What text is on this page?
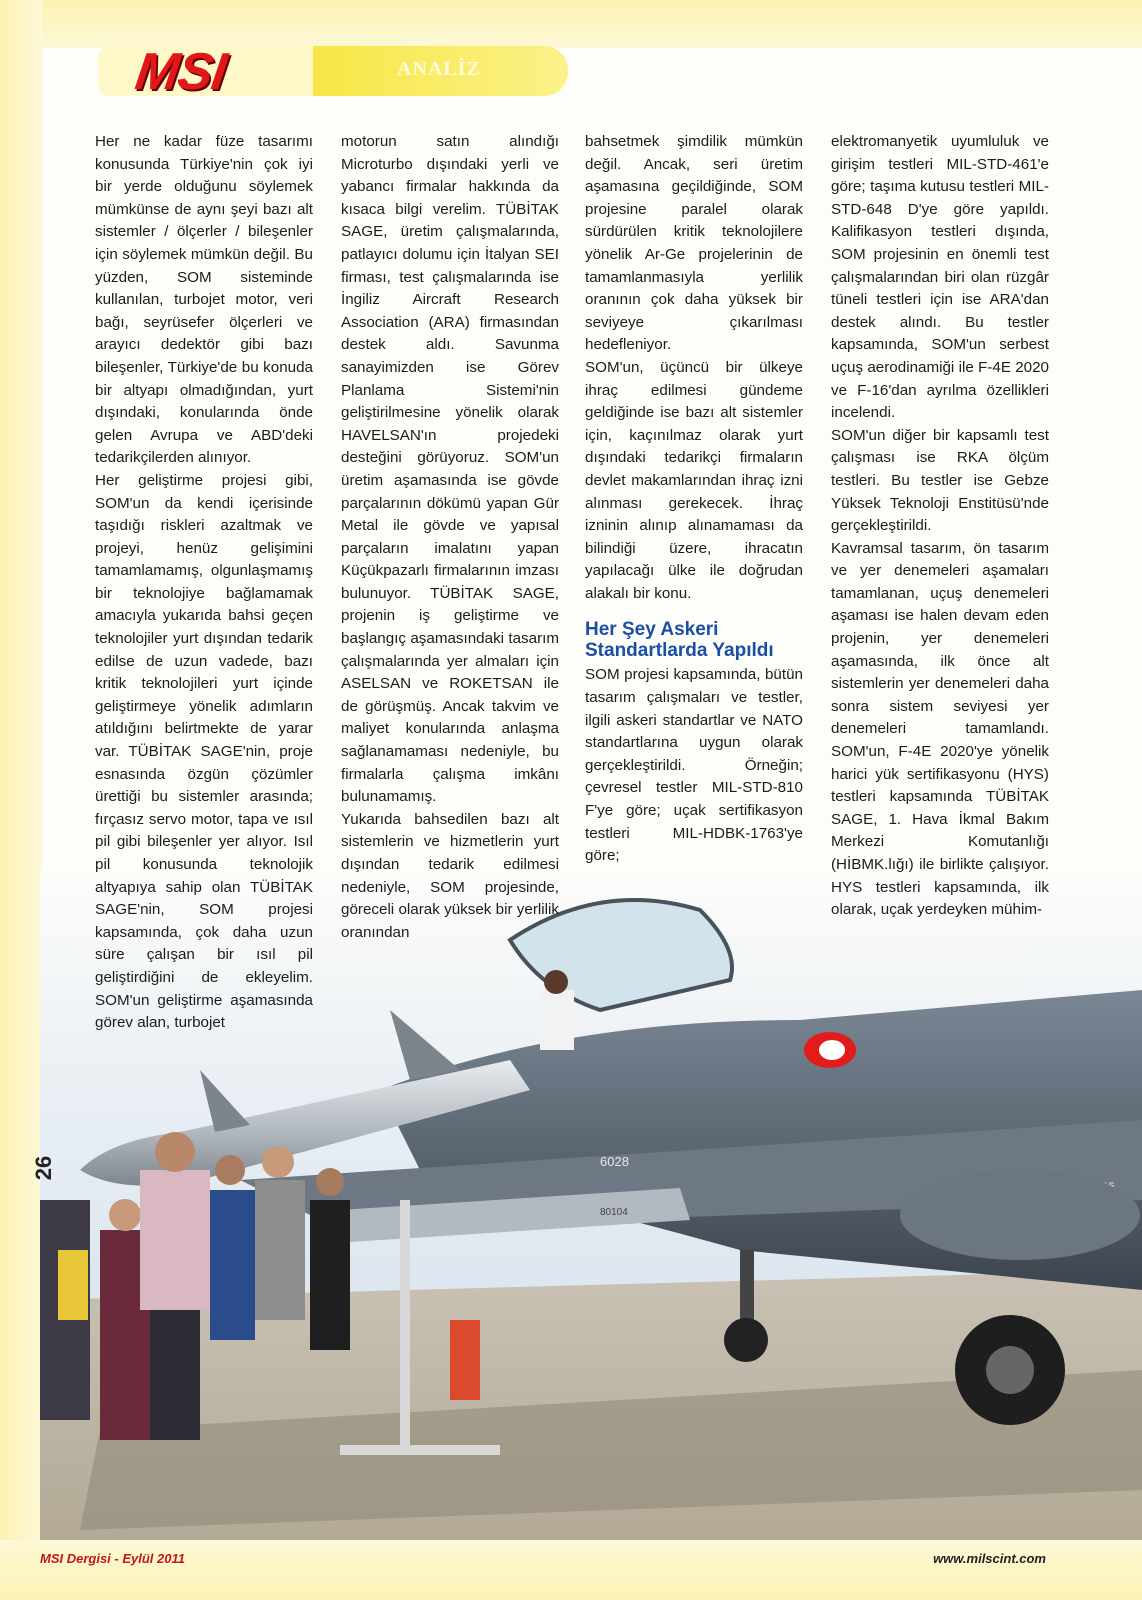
6028
80104
MSI	ANALİZ

Her ne kadar füze tasarımı konusunda Türkiye'nin çok iyi bir yerde olduğunu söylemek mümkünse de aynı şeyi bazı alt sistemler / ölçerler / bileşenler için söylemek mümkün değil. Bu yüzden, SOM sisteminde kullanılan, turbojet motor, veri bağı, seyrüsefer ölçerleri ve arayıcı dedektör gibi bazı bileşenler, Türkiye'de bu konuda bir altyapı olmadığından, yurt dışındaki, konularında önde gelen Avrupa ve ABD'deki tedarikçilerden alınıyor.

Her geliştirme projesi gibi, SOM'un da kendi içerisinde taşıdığı riskleri azaltmak ve projeyi, henüz gelişimini tamamlamamış, olgunlaşmamış bir teknolojiye bağlamamak amacıyla yukarıda bahsi geçen teknolojiler yurt dışından tedarik edilse de uzun vadede, bazı kritik teknolojileri yurt içinde geliştirmeye yönelik adımların atıldığını belirtmekte de yarar var. TÜBİTAK SAGE'nin, proje esnasında özgün çözümler ürettiği bu sistemler arasında; fırçasız servo motor, tapa ve ısıl pil gibi bileşenler yer alıyor. Isıl pil konusunda teknolojik altyapıya sahip olan TÜBİTAK SAGE'nin, SOM projesi kapsamında, çok daha uzun süre çalışan bir ısıl pil geliştirdiğini de ekleyelim. SOM'un geliştirme aşamasında görev alan, turbojet

motorun satın alındığı Microturbo dışındaki yerli ve yabancı firmalar hakkında da kısaca bilgi verelim. TÜBİTAK SAGE, üretim çalışmalarında, patlayıcı dolumu için İtalyan SEI firması, test çalışmalarında ise İngiliz Aircraft Research Association (ARA) firmasından destek aldı. Savunma sanayimizden ise Görev Planlama Sistemi'nin geliştirilmesine yönelik olarak HAVELSAN'ın projedeki desteğini görüyoruz. SOM'un üretim aşamasında ise gövde parçalarının dökümü yapan Gür Metal ile gövde ve yapısal parçaların imalatını yapan Küçükpazarlı firmalarının imzası bulunuyor. TÜBİTAK SAGE, projenin iş geliştirme ve başlangıç aşamasındaki tasarım çalışmalarında yer almaları için ASELSAN ve ROKETSAN ile de görüşmüş. Ancak takvim ve maliyet konularında anlaşma sağlanamaması nedeniyle, bu firmalarla çalışma imkânı bulunamamış.

Yukarıda bahsedilen bazı alt sistemlerin ve hizmetlerin yurt dışından tedarik edilmesi nedeniyle, SOM projesinde, göreceli olarak yüksek bir yerlilik oranından

bahsetmek şimdilik mümkün değil. Ancak, seri üretim aşamasına geçildiğinde, SOM projesine paralel olarak sürdürülen kritik teknolojilere yönelik Ar-Ge projelerinin de tamamlanmasıyla yerlilik oranının çok daha yüksek bir seviyeye çıkarılması hedefleniyor.

SOM'un, üçüncü bir ülkeye ihraç edilmesi gündeme geldiğinde ise bazı alt sistemler için, kaçınılmaz olarak yurt dışındaki tedarikçi firmaların devlet makamlarından ihraç izni alınması gerekecek. İhraç izninin alınıp alınamaması da bilindiği üzere, ihracatın yapılacağı ülke ile doğrudan alakalı bir konu.

Her Şey Askeri Standartlarda Yapıldı

SOM projesi kapsamında, bütün tasarım çalışmaları ve testler, ilgili askeri standartlar ve NATO standartlarına uygun olarak gerçekleştirildi. Örneğin; çevresel testler MIL-STD-810 F'ye göre; uçak sertifikasyon testleri MIL-HDBK-1763'ye göre;

elektromanyetik uyumluluk ve girişim testleri MIL-STD-461'e göre; taşıma kutusu testleri MIL-STD-648 D'ye göre yapıldı. Kalifikasyon testleri dışında, SOM projesinin en önemli test çalışmalarından biri olan rüzgâr tüneli testleri için ise ARA'dan destek alındı. Bu testler kapsamında, SOM'un serbest uçuş aerodinamiği ile F-4E 2020 ve F-16'dan ayrılma özellikleri incelendi.

SOM'un diğer bir kapsamlı test çalışması ise RKA ölçüm testleri. Bu testler ise Gebze Yüksek Teknoloji Enstitüsü'nde gerçekleştirildi.

Kavramsal tasarım, ön tasarım ve yer denemeleri aşamaları tamamlanan, uçuş denemeleri aşaması ise halen devam eden projenin, yer denemeleri aşamasında, ilk önce alt sistemlerin yer denemeleri daha sonra sistem seviyesi yer denemeleri tamamlandı. SOM'un, F-4E 2020'ye yönelik harici yük sertifikasyonu (HYS) testleri kapsamında TÜBİTAK SAGE, 1. Hava İkmal Bakım Merkezi Komutanlığı (HİBMK.lığı) ile birlikte çalışıyor. HYS testleri kapsamında, ilk olarak, uçak yerdeyken mühim-

26
MSI Dergisi - Eylül 2011	www.milscint.com
